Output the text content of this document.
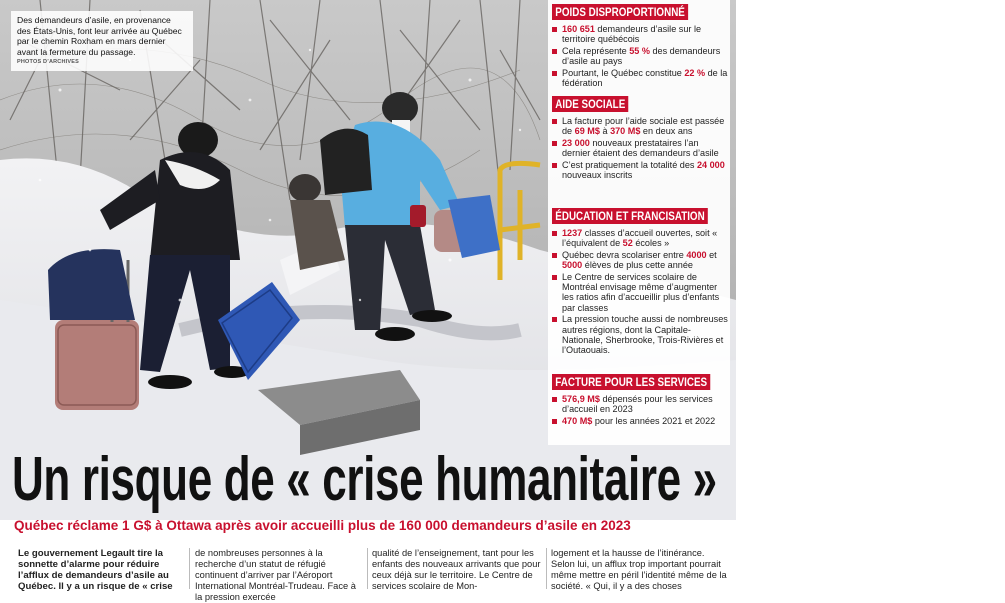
Des demandeurs d’asile, en provenance des États-Unis, font leur arrivée au Québec par le chemin Roxham en mars dernier avant la fermeture du passage.
PHOTOS D’ARCHIVES
POIDS DISPROPORTIONNÉ
160 651 demandeurs d’asile sur le territoire québécois
Cela représente 55 % des demandeurs d’asile au pays
Pourtant, le Québec constitue 22 % de la fédération
AIDE SOCIALE
La facture pour l’aide sociale est passée de 69 M$ à 370 M$ en deux ans
23 000 nouveaux prestataires l’an dernier étaient des demandeurs d’asile
C’est pratiquement la totalité des 24 000 nouveaux inscrits
ÉDUCATION ET FRANCISATION
1237 classes d’accueil ouvertes, soit « l’équivalent de 52 écoles »
Québec devra scolariser entre 4000 et 5000 élèves de plus cette année
Le Centre de services scolaire de Montréal envisage même d’augmenter les ratios afin d’accueillir plus d’enfants par classes
La pression touche aussi de nombreuses autres régions, dont la Capitale-Nationale, Sherbrooke, Trois-Rivières et l’Outaouais.
FACTURE POUR LES SERVICES
576,9 M$ dépensés pour les services d’accueil en 2023
470 M$ pour les années 2021 et 2022
Un risque de « crise humanitaire »
Québec réclame 1 G$ à Ottawa après avoir accueilli plus de 160 000 demandeurs d’asile en 2023
Le gouvernement Legault tire la sonnette d’alarme pour réduire l’afflux de demandeurs d’asile au Québec. Il y a un risque de « crise
de nombreuses personnes à la recherche d’un statut de réfugié continuent d’arriver par l’Aéroport International Montréal-Trudeau. Face à la pression exercée
qualité de l’enseignement, tant pour les enfants des nouveaux arrivants que pour ceux déjà sur le territoire. Le Centre de services scolaire de Mon-
logement et la hausse de l’itinérance. Selon lui, un afflux trop important pourrait même mettre en péril l’identité même de la société. « Qui, il y a des choses
